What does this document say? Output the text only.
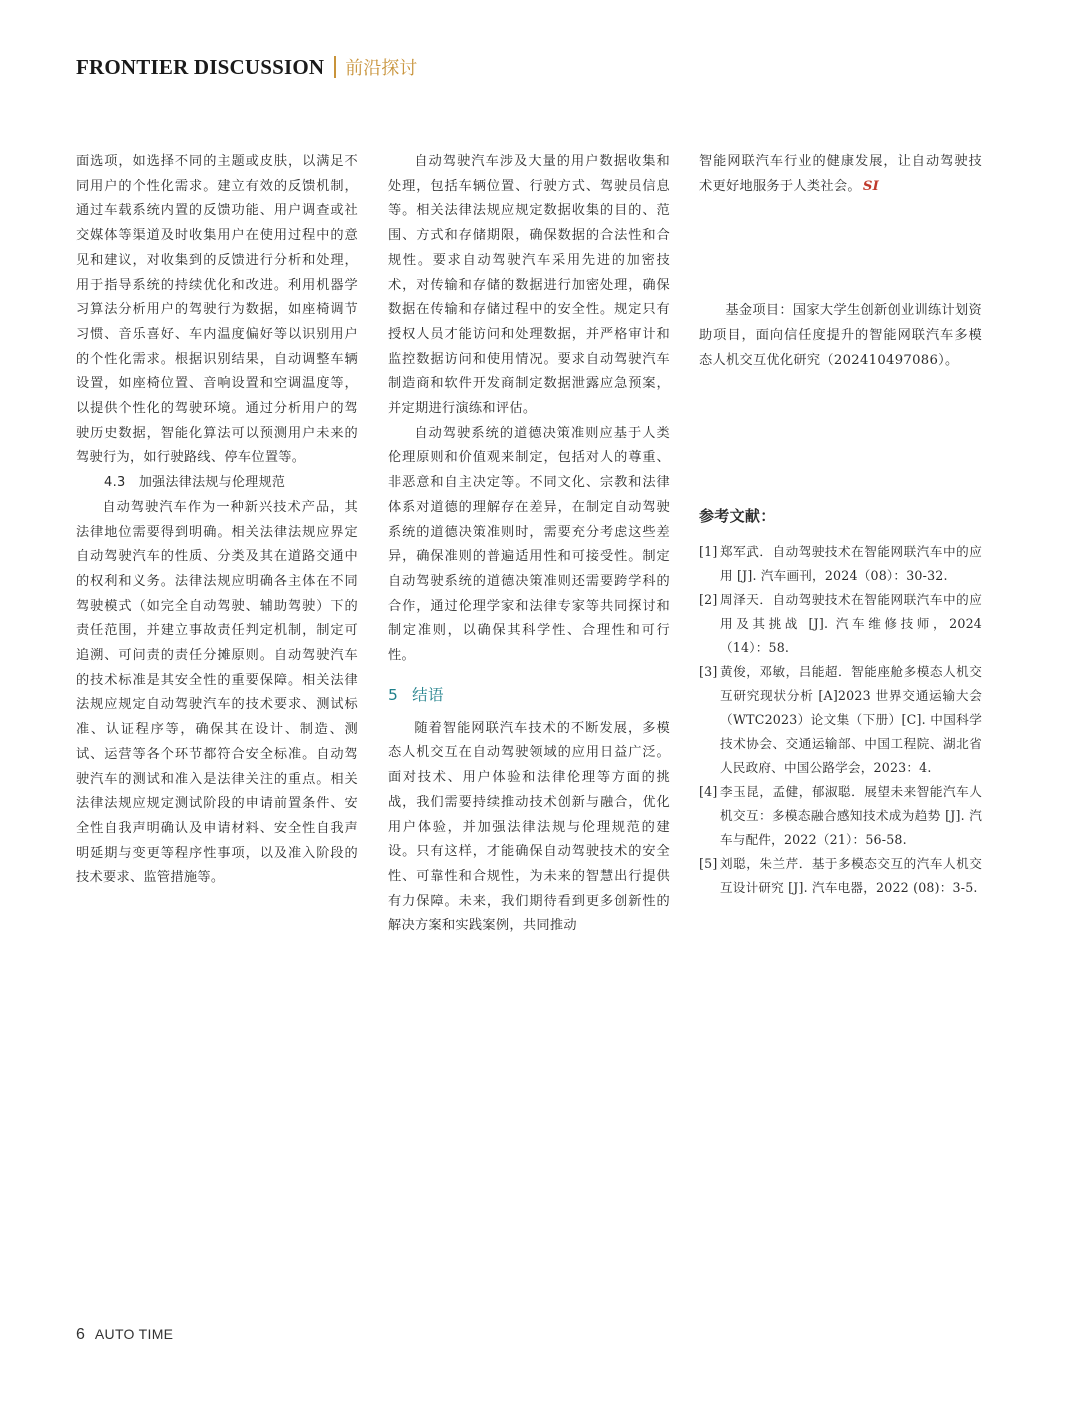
FRONTIER DISCUSSION 前沿探讨

面选项，如选择不同的主题或皮肤，以满足不同用户的个性化需求。建立有效的反馈机制，通过车载系统内置的反馈功能、用户调查或社交媒体等渠道及时收集用户在使用过程中的意见和建议，对收集到的反馈进行分析和处理，用于指导系统的持续优化和改进。利用机器学习算法分析用户的驾驶行为数据，如座椅调节习惯、音乐喜好、车内温度偏好等以识别用户的个性化需求。根据识别结果，自动调整车辆设置，如座椅位置、音响设置和空调温度等，以提供个性化的驾驶环境。通过分析用户的驾驶历史数据，智能化算法可以预测用户未来的驾驶行为，如行驶路线、停车位置等。

4.3　加强法律法规与伦理规范

自动驾驶汽车作为一种新兴技术产品，其法律地位需要得到明确。相关法律法规应界定自动驾驶汽车的性质、分类及其在道路交通中的权利和义务。法律法规应明确各主体在不同驾驶模式（如完全自动驾驶、辅助驾驶）下的责任范围，并建立事故责任判定机制，制定可追溯、可问责的责任分摊原则。自动驾驶汽车的技术标准是其安全性的重要保障。相关法律法规应规定自动驾驶汽车的技术要求、测试标准、认证程序等，确保其在设计、制造、测试、运营等各个环节都符合安全标准。自动驾驶汽车的测试和准入是法律关注的重点。相关法律法规应规定测试阶段的申请前置条件、安全性自我声明确认及申请材料、安全性自我声明延期与变更等程序性事项，以及准入阶段的技术要求、监管措施等。

自动驾驶汽车涉及大量的用户数据收集和处理，包括车辆位置、行驶方式、驾驶员信息等。相关法律法规应规定数据收集的目的、范围、方式和存储期限，确保数据的合法性和合规性。要求自动驾驶汽车采用先进的加密技术，对传输和存储的数据进行加密处理，确保数据在传输和存储过程中的安全性。规定只有授权人员才能访问和处理数据，并严格审计和监控数据访问和使用情况。要求自动驾驶汽车制造商和软件开发商制定数据泄露应急预案，并定期进行演练和评估。

自动驾驶系统的道德决策准则应基于人类伦理原则和价值观来制定，包括对人的尊重、非恶意和自主决定等。不同文化、宗教和法律体系对道德的理解存在差异，在制定自动驾驶系统的道德决策准则时，需要充分考虑这些差异，确保准则的普遍适用性和可接受性。制定自动驾驶系统的道德决策准则还需要跨学科的合作，通过伦理学家和法律专家等共同探讨和制定准则，以确保其科学性、合理性和可行性。

5 结语

随着智能网联汽车技术的不断发展，多模态人机交互在自动驾驶领域的应用日益广泛。面对技术、用户体验和法律伦理等方面的挑战，我们需要持续推动技术创新与融合，优化用户体验，并加强法律法规与伦理规范的建设。只有这样，才能确保自动驾驶技术的安全性、可靠性和合规性，为未来的智慧出行提供有力保障。未来，我们期待看到更多创新性的解决方案和实践案例，共同推动

智能网联汽车行业的健康发展，让自动驾驶技术更好地服务于人类社会。 SI

基金项目：国家大学生创新创业训练计划资助项目，面向信任度提升的智能网联汽车多模态人机交互优化研究（202410497086）。

参考文献：
[1] 郑军武．自动驾驶技术在智能网联汽车中的应用 [J]. 汽车画刊，2024（08）：30-32.
[2] 周泽天．自动驾驶技术在智能网联汽车中的应用及其挑战 [J]. 汽车维修技师，2024（14）：58.
[3] 黄俊，邓敏，吕能超．智能座舱多模态人机交互研究现状分析 [A]2023 世界交通运输大会（WTC2023）论文集（下册）[C]. 中国科学技术协会、交通运输部、中国工程院、湖北省人民政府、中国公路学会，2023：4.
[4] 李玉昆，孟健，郁淑聪．展望未来智能汽车人机交互：多模态融合感知技术成为趋势 [J]. 汽车与配件，2022（21）：56-58.
[5] 刘聪，朱兰芹．基于多模态交互的汽车人机交互设计研究 [J]. 汽车电器，2022 (08)：3-5.
6 AUTO TIME
